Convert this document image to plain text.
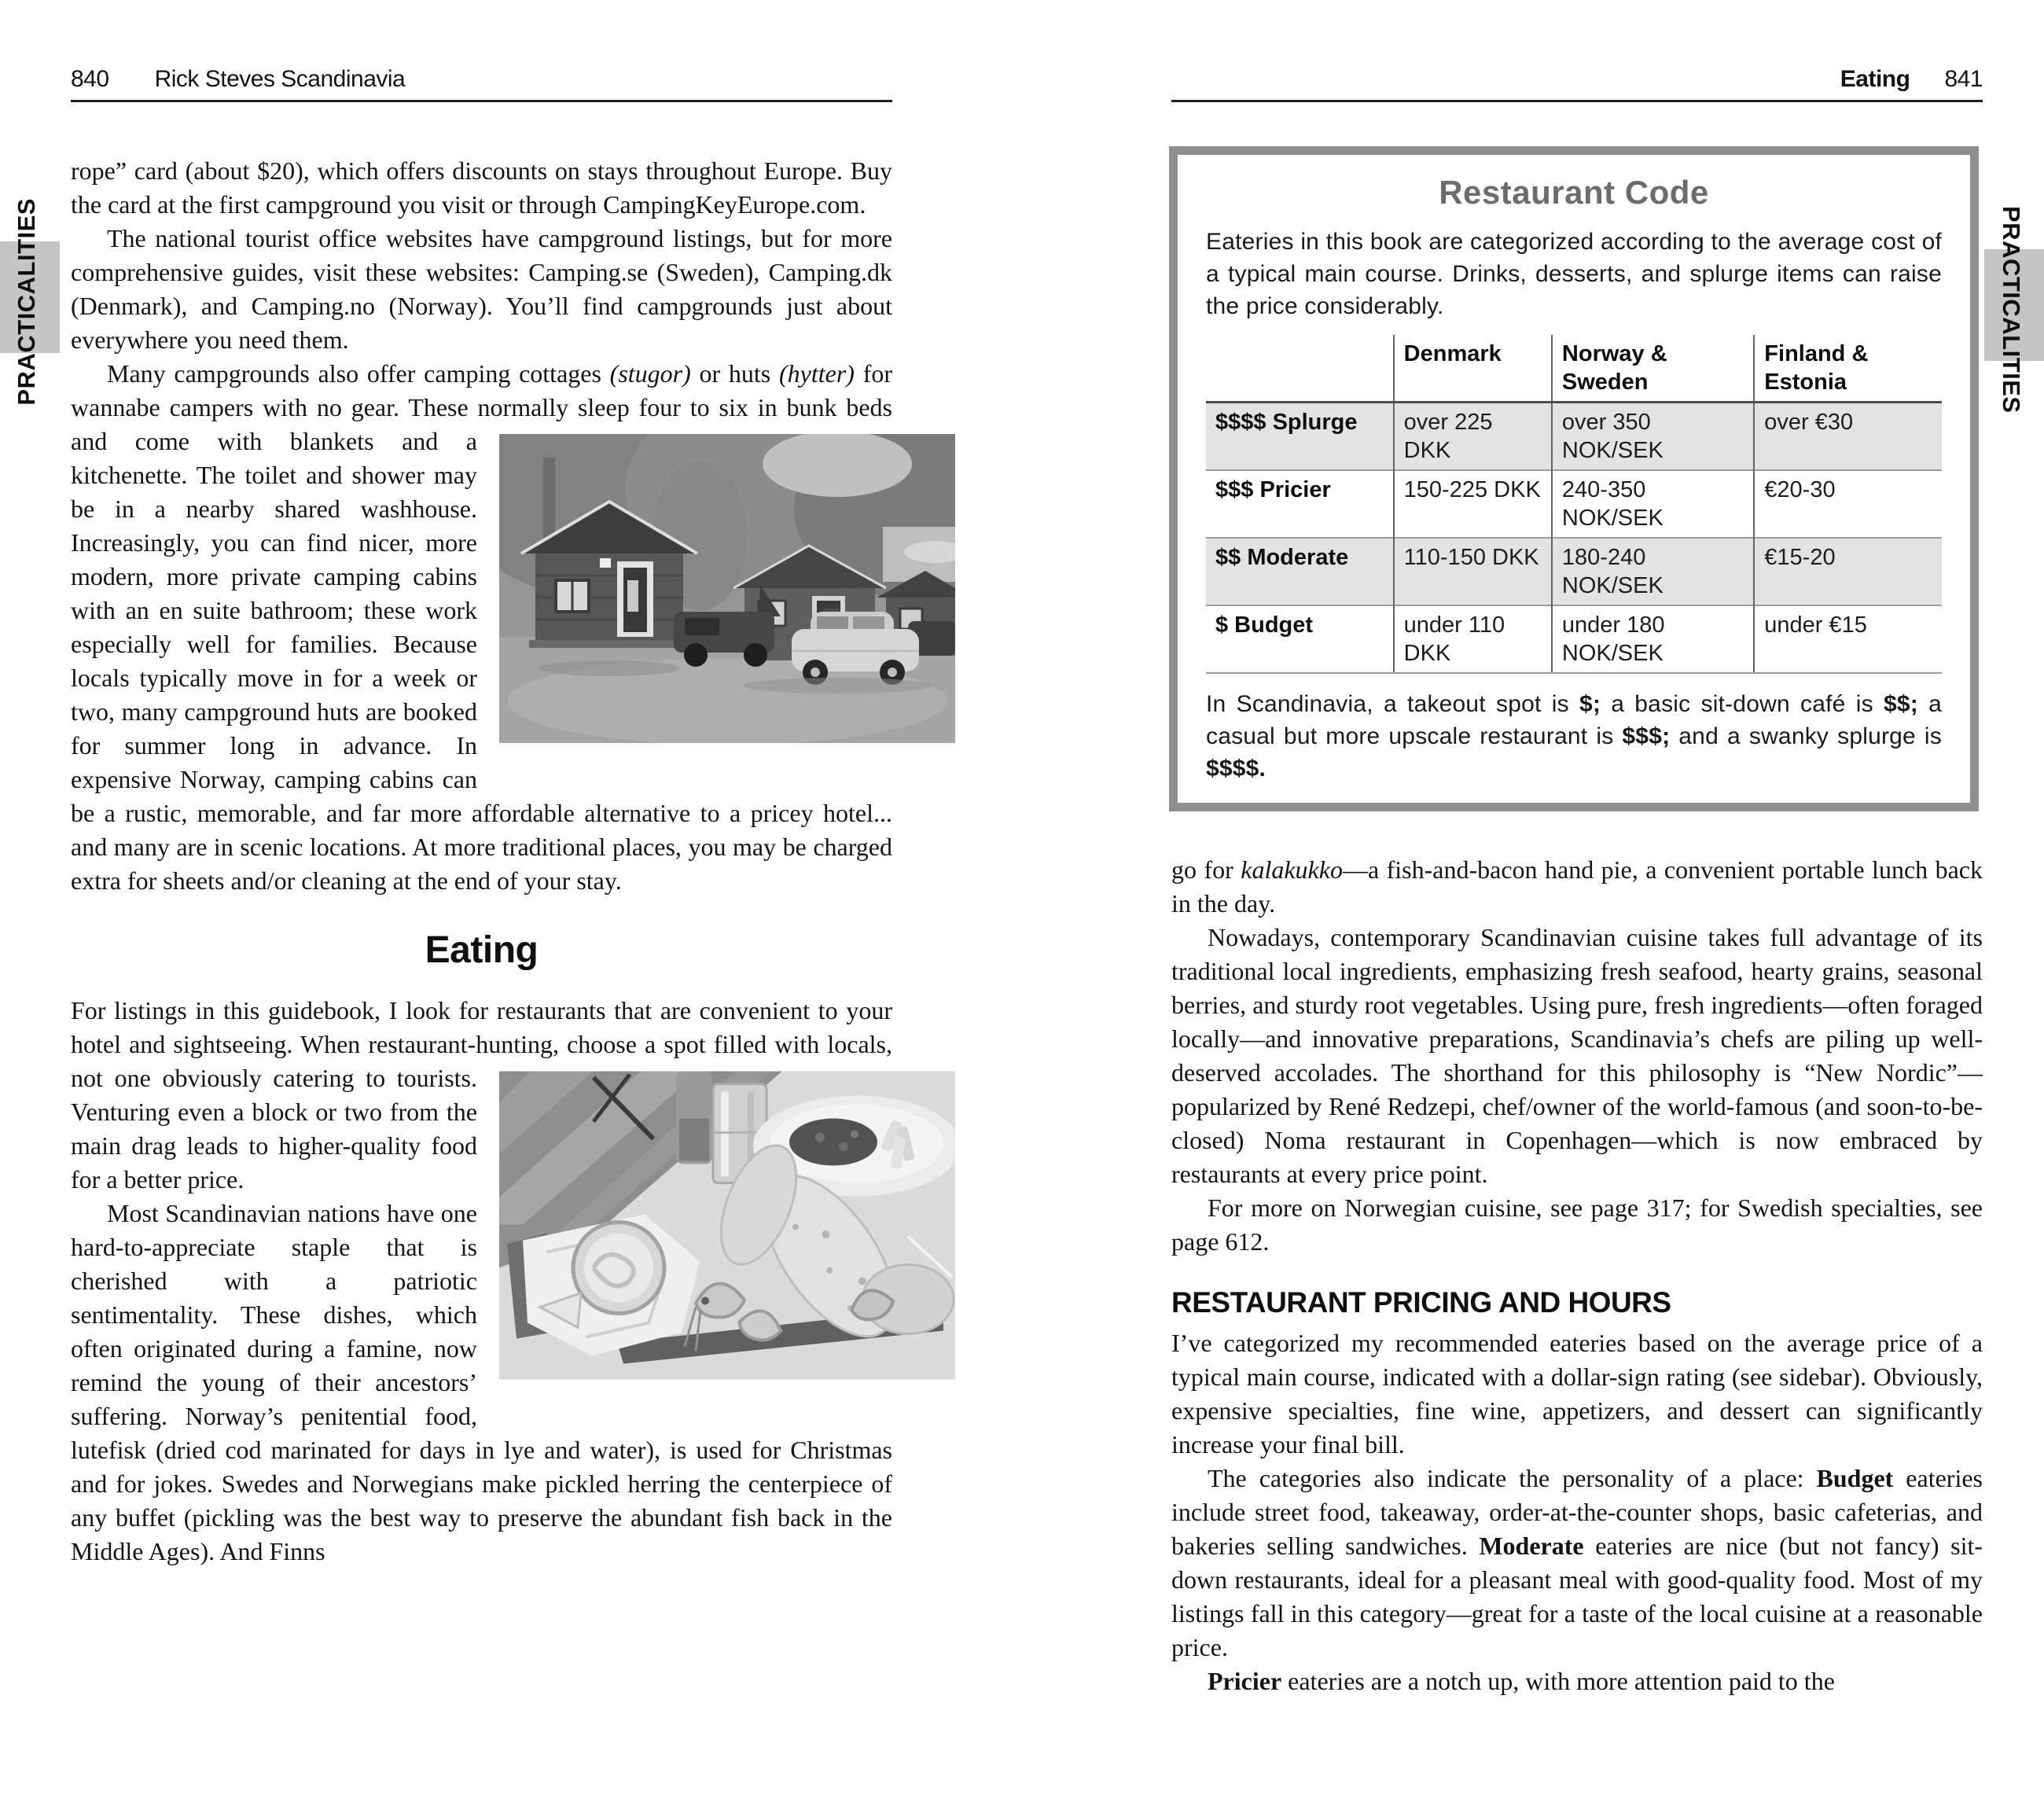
840 Rick Steves Scandinavia	Eating 841
PRACTICALITIES	PRACTICALITIES

rope” card (about $20), which offers discounts on stays throughout Europe. Buy the card at the first campground you visit or through CampingKeyEurope.com.

The national tourist office websites have campground listings, but for more comprehensive guides, visit these websites: Camping.se (Sweden), Camping.dk (Denmark), and Camping.no (Norway). You’ll find campgrounds just about everywhere you need them.

Many campgrounds also offer camping cottages (stugor) or huts (hytter) for wannabe campers with no gear. These normally
sleep four to six in bunk beds and come with blankets and a kitchenette. The toilet and shower may be in a nearby shared washhouse. Increasingly, you can find nicer, more modern, more private camping cabins with an en suite bathroom; these work especially well for families. Because locals typically move in for a week or two, many campground huts are booked for summer long in advance. In expensive Norway, camping cabins can be a rustic, memorable, and far more affordable alternative to a pricey hotel... and many are in scenic locations. At more traditional places, you may be charged extra for sheets and/or cleaning at the end of your stay.

Eating

For listings in this guidebook, I look for restaurants that are convenient to your hotel and sightseeing. When restaurant-hunting,
choose a spot filled with locals, not one obviously catering to tourists. Venturing even a block or two from the main drag leads to higher-quality food for a better price.

Most Scandinavian nations have one hard-to-appreciate staple that is cherished with a patriotic sentimentality. These dishes, which often originated during a famine, now remind the young of their ancestors’ suffering. Norway’s penitential food, lutefisk (dried cod marinated for days in lye and water), is used for Christmas and for jokes. Swedes and Norwegians make pickled herring the centerpiece of any buffet (pickling was the best way to preserve the abundant fish back in the Middle Ages). And Finns

Restaurant Code
Eateries in this book are categorized according to the average cost of a typical main course. Drinks, desserts, and splurge items can raise the price considerably.
	Denmark	Norway & Sweden	Finland & Estonia
$$$$ Splurge	over 225 DKK	over 350 NOK/SEK	over €30
$$$ Pricier	150-225 DKK	240-350 NOK/SEK	€20-30
$$ Moderate	110-150 DKK	180-240 NOK/SEK	€15-20
$ Budget	under 110 DKK	under 180 NOK/SEK	under €15
In Scandinavia, a takeout spot is $; a basic sit-down café is $$; a casual but more upscale restaurant is $$$; and a swanky splurge is $$$$.

go for kalakukko—a fish-and-bacon hand pie, a convenient portable lunch back in the day.

Nowadays, contemporary Scandinavian cuisine takes full advantage of its traditional local ingredients, emphasizing fresh seafood, hearty grains, seasonal berries, and sturdy root vegetables. Using pure, fresh ingredients—often foraged locally—and innovative preparations, Scandinavia’s chefs are piling up well-deserved accolades. The shorthand for this philosophy is “New Nordic”—popularized by René Redzepi, chef/owner of the world-famous (and soon-to-be-closed) Noma restaurant in Copenhagen—which is now embraced by restaurants at every price point.

For more on Norwegian cuisine, see page 317; for Swedish specialties, see page 612.

RESTAURANT PRICING AND HOURS

I’ve categorized my recommended eateries based on the average price of a typical main course, indicated with a dollar-sign rating (see sidebar). Obviously, expensive specialties, fine wine, appetizers, and dessert can significantly increase your final bill.

The categories also indicate the personality of a place: Budget eateries include street food, takeaway, order-at-the-counter shops, basic cafeterias, and bakeries selling sandwiches. Moderate eateries are nice (but not fancy) sit-down restaurants, ideal for a pleasant meal with good-quality food. Most of my listings fall in this category—great for a taste of the local cuisine at a reasonable price.

Pricier eateries are a notch up, with more attention paid to the
